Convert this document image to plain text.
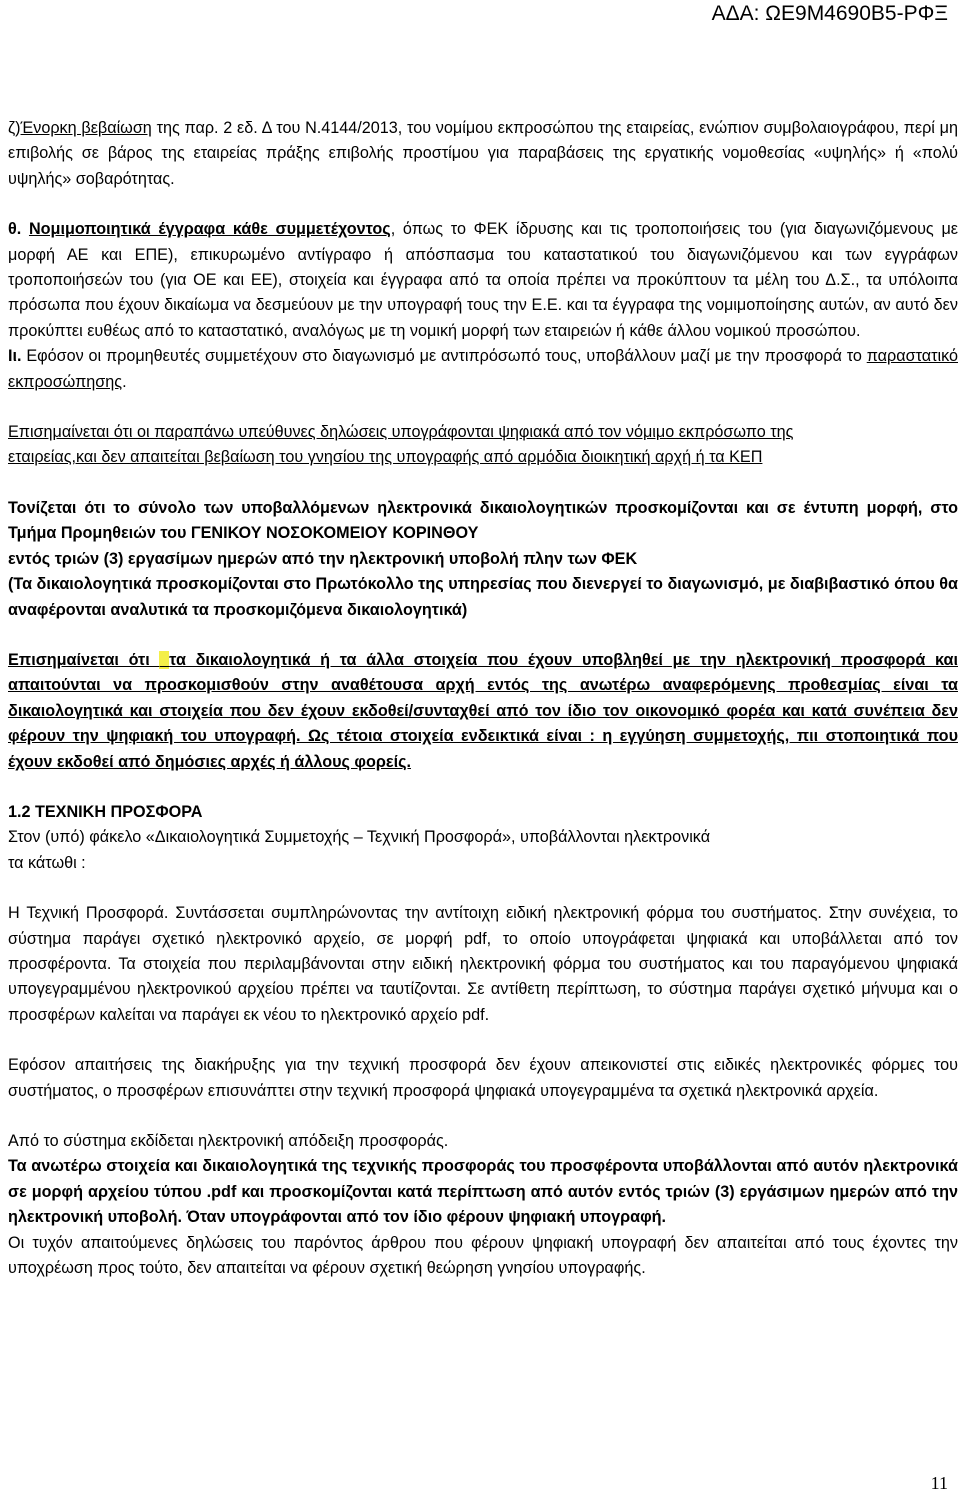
ΑΔΑ: ΩΕ9Μ4690Β5-ΡΦΞ

ζ)Ένορκη βεβαίωση της παρ. 2 εδ. Δ του Ν.4144/2013, του νομίμου εκπροσώπου της εταιρείας, ενώπιον συμβολαιογράφου, περί μη επιβολής σε βάρος της εταιρείας πράξης επιβολής προστίμου για παραβάσεις της εργατικής νομοθεσίας «υψηλής» ή «πολύ υψηλής» σοβαρότητας.

θ. Νομιμοποιητικά έγγραφα κάθε συμμετέχοντος, όπως το ΦΕΚ ίδρυσης και τις τροποποιήσεις του (για διαγωνιζόμενους με μορφή ΑΕ και ΕΠΕ), επικυρωμένο αντίγραφο ή απόσπασμα του καταστατικού του διαγωνιζόμενου και των εγγράφων τροποποιήσεών του (για ΟΕ και ΕΕ), στοιχεία και έγγραφα από τα οποία πρέπει να προκύπτουν τα μέλη του Δ.Σ., τα υπόλοιπα πρόσωπα που έχουν δικαίωμα να δεσμεύουν με την υπογραφή τους την Ε.Ε. και τα έγγραφα της νομιμοποίησης αυτών, αν αυτό δεν προκύπτει ευθέως από το καταστατικό, αναλόγως με τη νομική μορφή των εταιρειών ή κάθε άλλου νομικού προσώπου.

Ιι. Εφόσον οι προμηθευτές συμμετέχουν στο διαγωνισμό με αντιπρόσωπό τους, υποβάλλουν μαζί με την προσφορά το παραστατικό εκπροσώπησης.

Επισημαίνεται ότι οι παραπάνω υπεύθυνες δηλώσεις υπογράφονται ψηφιακά από τον νόμιμο εκπρόσωπο της

εταιρείας,και δεν απαιτείται βεβαίωση του γνησίου της υπογραφής από αρμόδια διοικητική αρχή ή τα ΚΕΠ

Τονίζεται ότι το σύνολο των υποβαλλόμενων ηλεκτρονικά δικαιολογητικών προσκομίζονται και σε έντυπη μορφή, στο Τμήμα Προμηθειών του ΓΕΝΙΚΟΥ ΝΟΣΟΚΟΜΕΙΟΥ ΚΟΡΙΝΘΟΥ

εντός τριών (3) εργασίμων ημερών από την ηλεκτρονική υποβολή πλην των ΦΕΚ

(Τα δικαιολογητικά προσκομίζονται στο Πρωτόκολλο της υπηρεσίας που διενεργεί το διαγωνισμό, με διαβιβαστικό όπου θα αναφέρονται αναλυτικά τα προσκομιζόμενα δικαιολογητικά)

Επισημαίνεται ότι  τα δικαιολογητικά ή τα άλλα στοιχεία που έχουν υποβληθεί με την ηλεκτρονική προσφορά και απαιτούνται να προσκομισθούν στην αναθέτουσα αρχή εντός της ανωτέρω αναφερόμενης προθεσμίας είναι τα δικαιολογητικά και στοιχεία που δεν έχουν εκδοθεί/συνταχθεί από τον ίδιο τον οικονομικό φορέα και κατά συνέπεια δεν φέρουν την ψηφιακή του υπογραφή. Ως τέτοια στοιχεία ενδεικτικά είναι : η εγγύηση συμμετοχής, πιι στοποιητικά που έχουν εκδοθεί από δημόσιες αρχές ή άλλους φορείς.

1.2 ΤΕΧΝΙΚΗ ΠΡΟΣΦΟΡΑ

Στον (υπό) φάκελο «Δικαιολογητικά Συμμετοχής – Τεχνική Προσφορά», υποβάλλονται ηλεκτρονικά

τα κάτωθι :

Η Τεχνική Προσφορά. Συντάσσεται συμπληρώνοντας την αντίτοιχη ειδική ηλεκτρονική φόρμα του συστήματος. Στην συνέχεια, το σύστημα παράγει σχετικό ηλεκτρονικό αρχείο, σε μορφή pdf, το οποίο υπογράφεται ψηφιακά και υποβάλλεται από τον προσφέροντα. Τα στοιχεία που περιλαμβάνονται στην ειδική ηλεκτρονική φόρμα του συστήματος και του παραγόμενου ψηφιακά υπογεγραμμένου ηλεκτρονικού αρχείου πρέπει να ταυτίζονται. Σε αντίθετη περίπτωση, το σύστημα παράγει σχετικό μήνυμα και ο προσφέρων καλείται να παράγει εκ νέου το ηλεκτρονικό αρχείο pdf.

Εφόσον απαιτήσεις της διακήρυξης για την τεχνική προσφορά δεν έχουν απεικονιστεί στις ειδικές ηλεκτρονικές φόρμες του συστήματος, ο προσφέρων επισυνάπτει στην τεχνική προσφορά ψηφιακά υπογεγραμμένα τα σχετικά ηλεκτρονικά αρχεία.

Από το σύστημα εκδίδεται ηλεκτρονική απόδειξη προσφοράς.

Τα ανωτέρω στοιχεία και δικαιολογητικά της τεχνικής προσφοράς του προσφέροντα υποβάλλονται από αυτόν ηλεκτρονικά σε μορφή αρχείου τύπου .pdf και προσκομίζονται κατά περίπτωση από αυτόν εντός τριών (3) εργάσιμων ημερών από την ηλεκτρονική υποβολή. Όταν υπογράφονται από τον ίδιο φέρουν ψηφιακή υπογραφή.

Οι τυχόν απαιτούμενες δηλώσεις του παρόντος άρθρου που φέρουν ψηφιακή υπογραφή δεν απαιτείται από τους έχοντες την υποχρέωση προς τούτο, δεν απαιτείται να φέρουν σχετική θεώρηση γνησίου υπογραφής.

11
